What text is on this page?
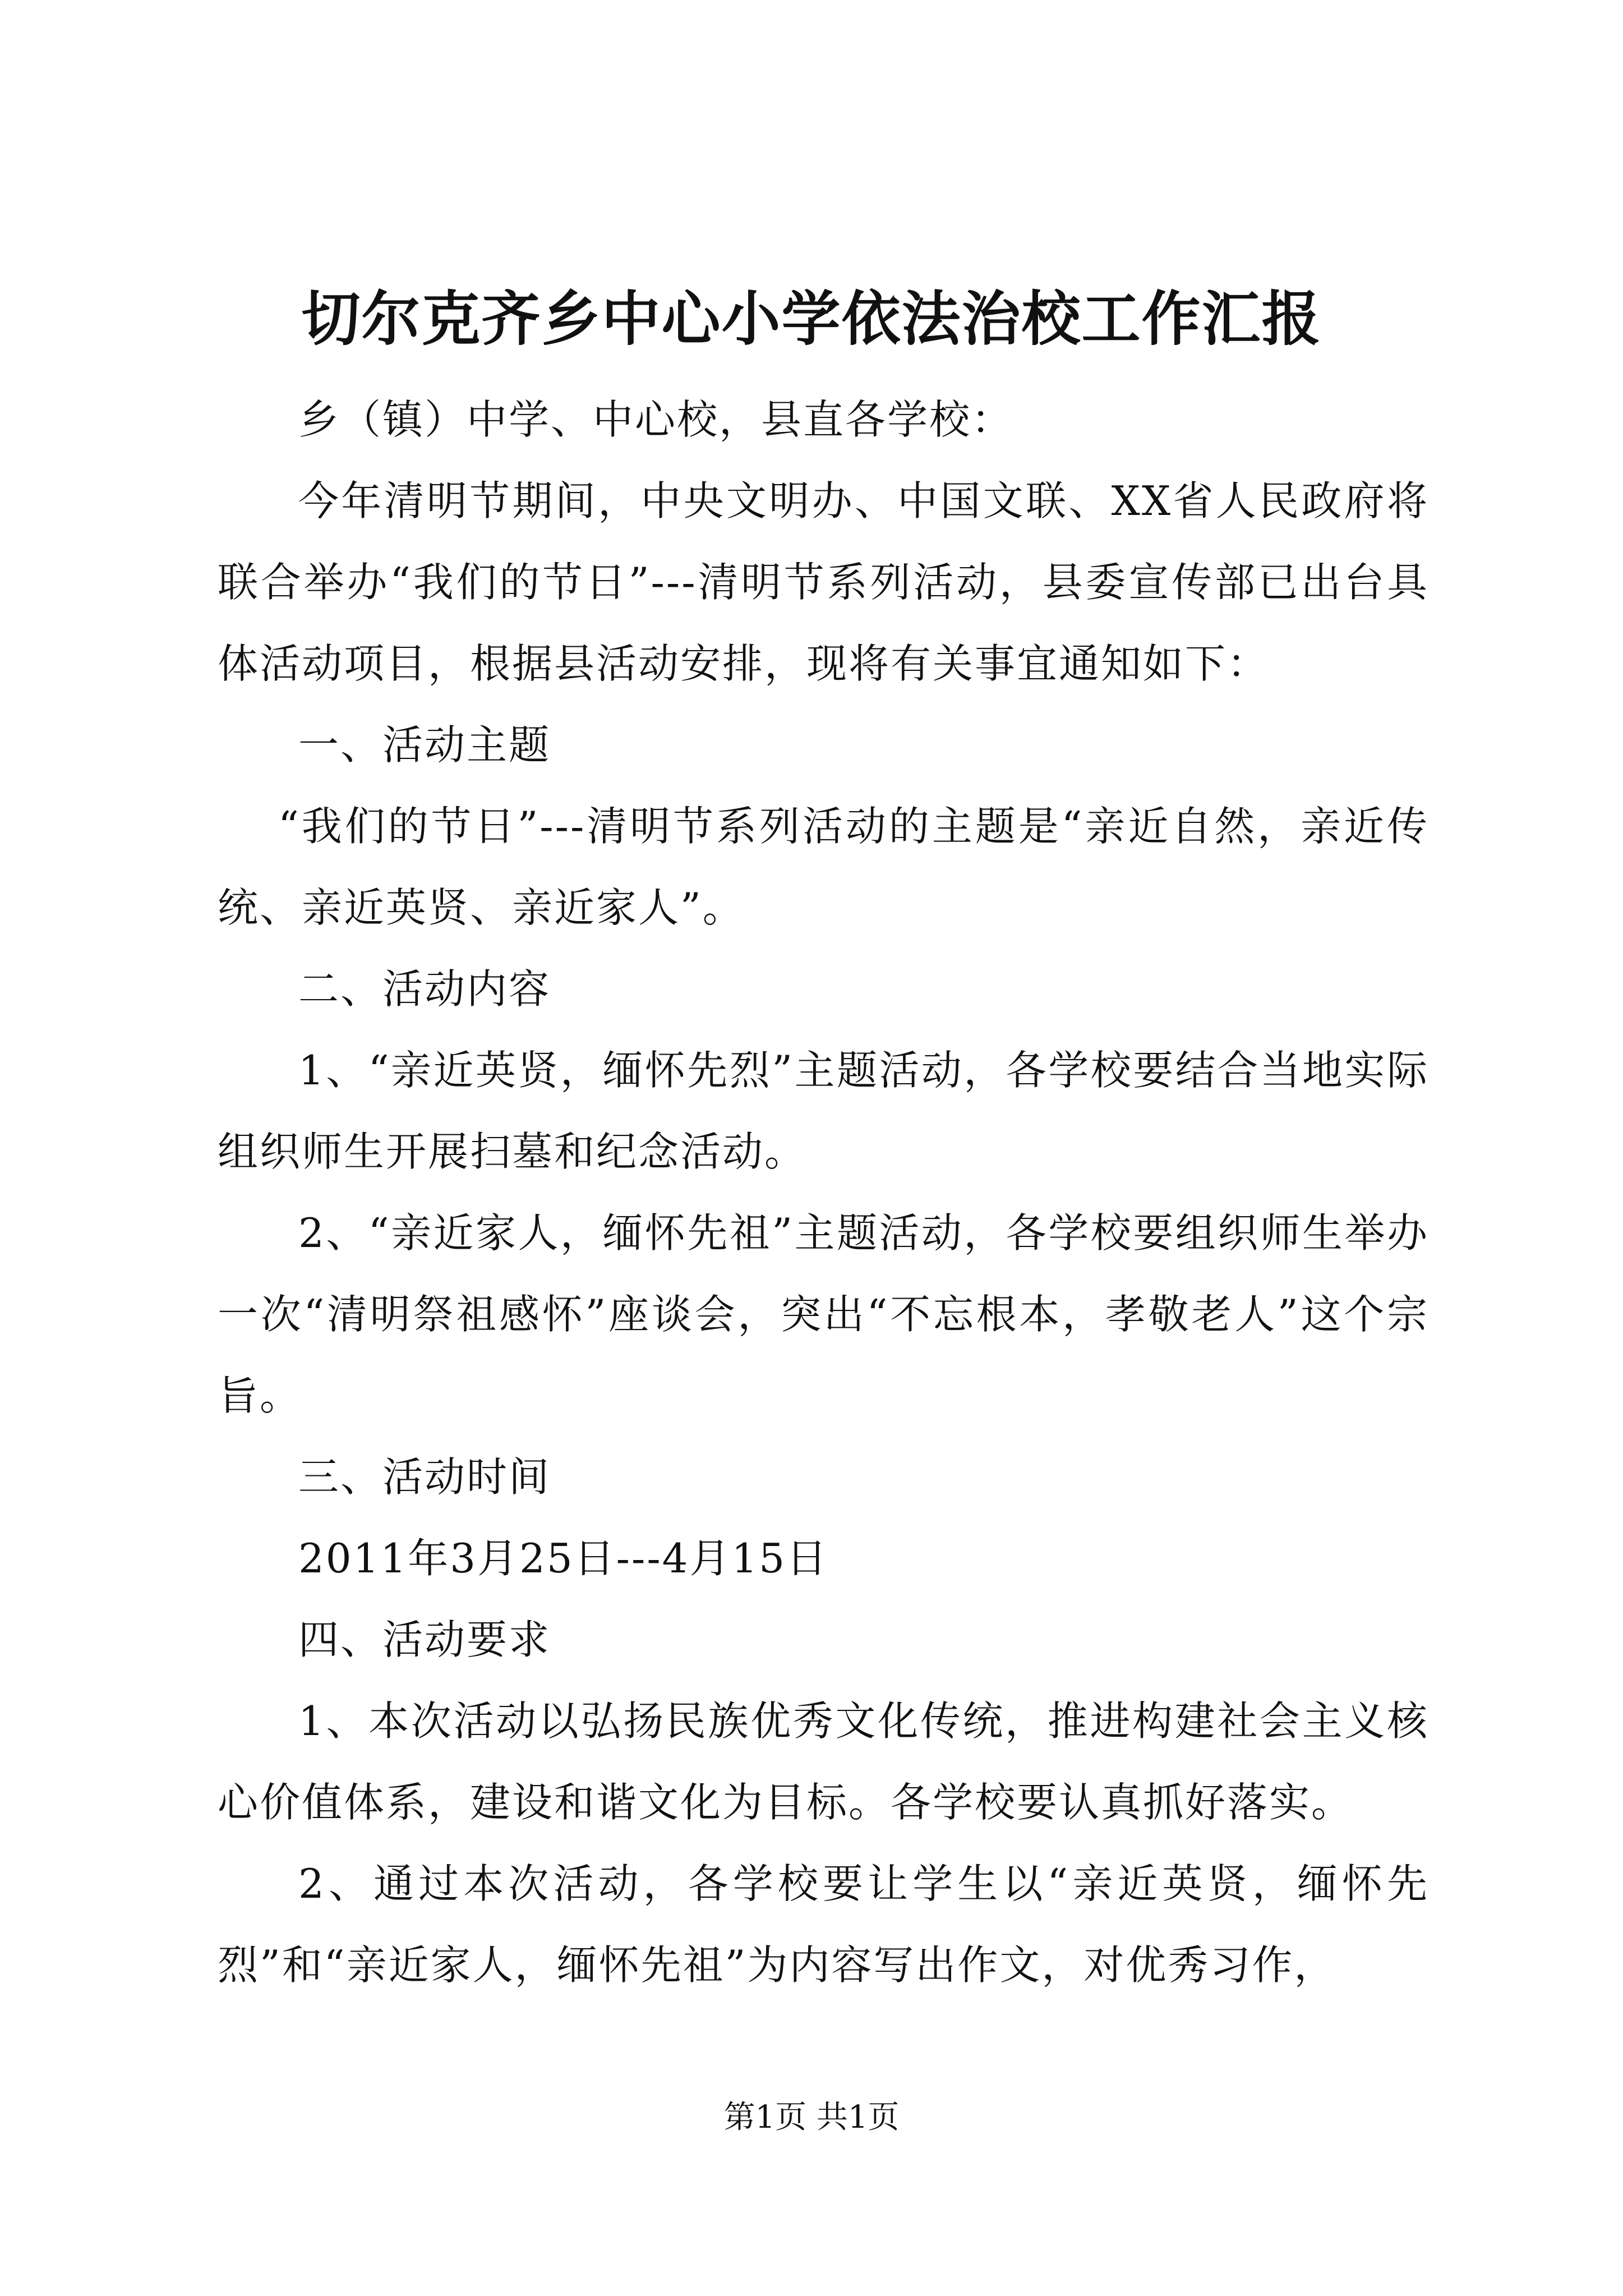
切尔克齐乡中心小学依法治校工作汇报

乡（镇）中学、中心校，县直各学校：

今年清明节期间，中央文明办、中国文联、XX省人民政府将联合举办“我们的节日”---清明节系列活动，县委宣传部已出台具体活动项目，根据县活动安排，现将有关事宜通知如下：

一、活动主题

“我们的节日”---清明节系列活动的主题是“亲近自然，亲近传统、亲近英贤、亲近家人”。

二、活动内容

1、“亲近英贤，缅怀先烈”主题活动，各学校要结合当地实际组织师生开展扫墓和纪念活动。

2、“亲近家人，缅怀先祖”主题活动，各学校要组织师生举办一次“清明祭祖感怀”座谈会，突出“不忘根本，孝敬老人”这个宗旨。

三、活动时间

2011年3月25日---4月15日

四、活动要求

1、本次活动以弘扬民族优秀文化传统，推进构建社会主义核心价值体系，建设和谐文化为目标。各学校要认真抓好落实。

2、通过本次活动，各学校要让学生以“亲近英贤，缅怀先烈”和“亲近家人，缅怀先祖”为内容写出作文，对优秀习作，

第1页 共1页
